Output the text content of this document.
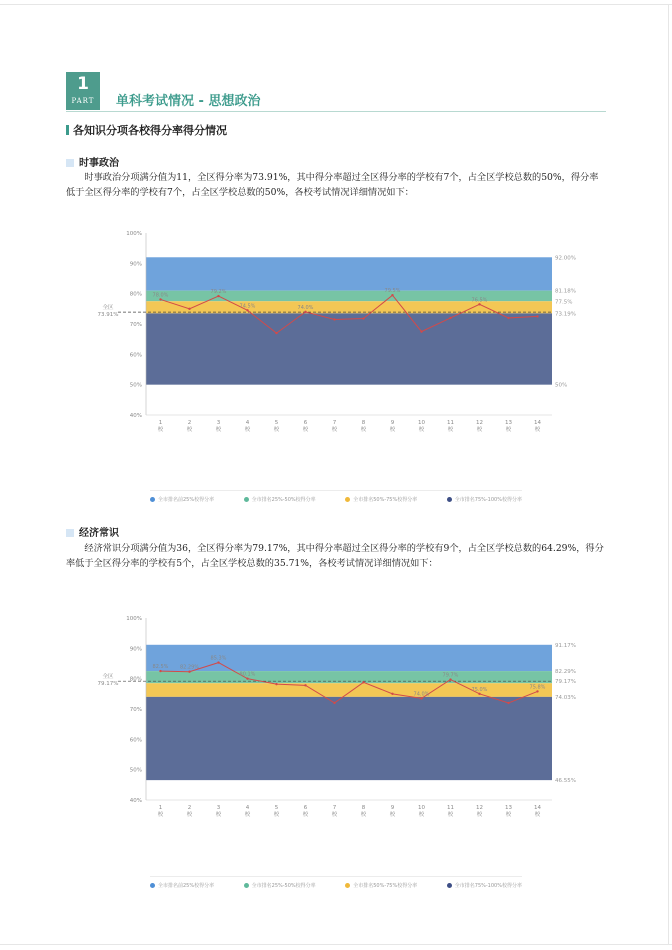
1
PART	单科考试情况 - 思想政治
各知识分项各校得分率得分情况
时事政治

时事政治分项满分值为11，全区得分率为73.91%，其中得分率超过全区得分率的学校有7个，占全区学校总数的50%，得分率低于全区得分率的学校有7个，占全区学校总数的50%，各校考试情况详细情况如下：

100%
90%
80%
70%
60%
50%
40%
92.00%
81.18%
77.5%
73.19%
50%
全区
73.91%
78.0%
79.2%
74.5%	74.0%
79.5%
76.5%
1
校
2
校
3
校
4
校
5
校
6
校
7
校
8
校
9
校
10
校
11
校
12
校
13
校
14
校
全市排名前25%校得分率	全市排名25%-50%校得分率	全市排名50%-75%校得分率	全市排名75%-100%校得分率
经济常识

经济常识分项满分值为36，全区得分率为79.17%，其中得分率超过全区得分率的学校有9个，占全区学校总数的64.29%，得分率低于全区得分率的学校有5个，占全区学校总数的35.71%，各校考试情况详细情况如下：

100%
90%
80%
70%
60%
50%
40%
91.17%
82.29%
79.17%
74.03%
46.55%
全区
79.17%
82.5% 82.29%
85.3%
80.1%
74.0%
79.7%
75.0%	75.8%
1
校
2
校
3
校
4
校
5
校
6
校
7
校
8
校
9
校
10
校
11
校
12
校
13
校
14
校
全市排名前25%校得分率	全市排名25%-50%校得分率	全市排名50%-75%校得分率	全市排名75%-100%校得分率
